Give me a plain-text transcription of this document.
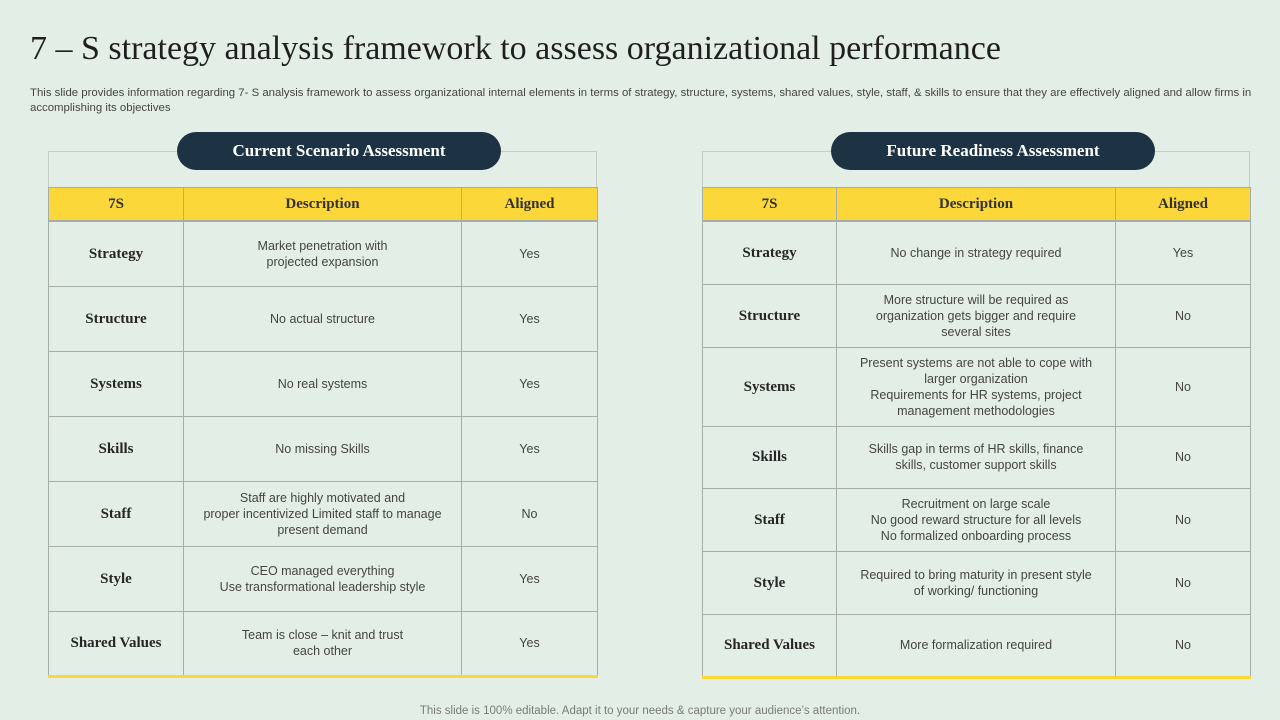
7 – S strategy analysis framework to assess organizational performance
This slide provides information regarding 7- S analysis framework to assess organizational internal elements in terms of strategy, structure, systems, shared values, style, staff, & skills to ensure that they are effectively aligned and allow firms in accomplishing its objectives
Current Scenario Assessment
7S	Description	Aligned
Strategy	Market penetration with
projected expansion	Yes
Structure	No actual structure	Yes
Systems	No real systems	Yes
Skills	No missing Skills	Yes
Staff	Staff are highly motivated and
proper incentivized Limited staff to manage
present demand	No
Style	CEO managed everything
Use transformational leadership style	Yes
Shared Values	Team is close – knit and trust
each other	Yes
Future Readiness Assessment
7S	Description	Aligned
Strategy	No change in strategy required	Yes
Structure	More structure will be required as
organization gets bigger and require
several sites	No
Systems	Present systems are not able to cope with
larger organization
Requirements for HR systems, project
management methodologies	No
Skills	Skills gap in terms of HR skills, finance
skills, customer support skills	No
Staff	Recruitment on large scale
No good reward structure for all levels
No formalized onboarding process	No
Style	Required to bring maturity in present style
of working/ functioning	No
Shared Values	More formalization required	No
This slide is 100% editable. Adapt it to your needs & capture your audience’s attention.
